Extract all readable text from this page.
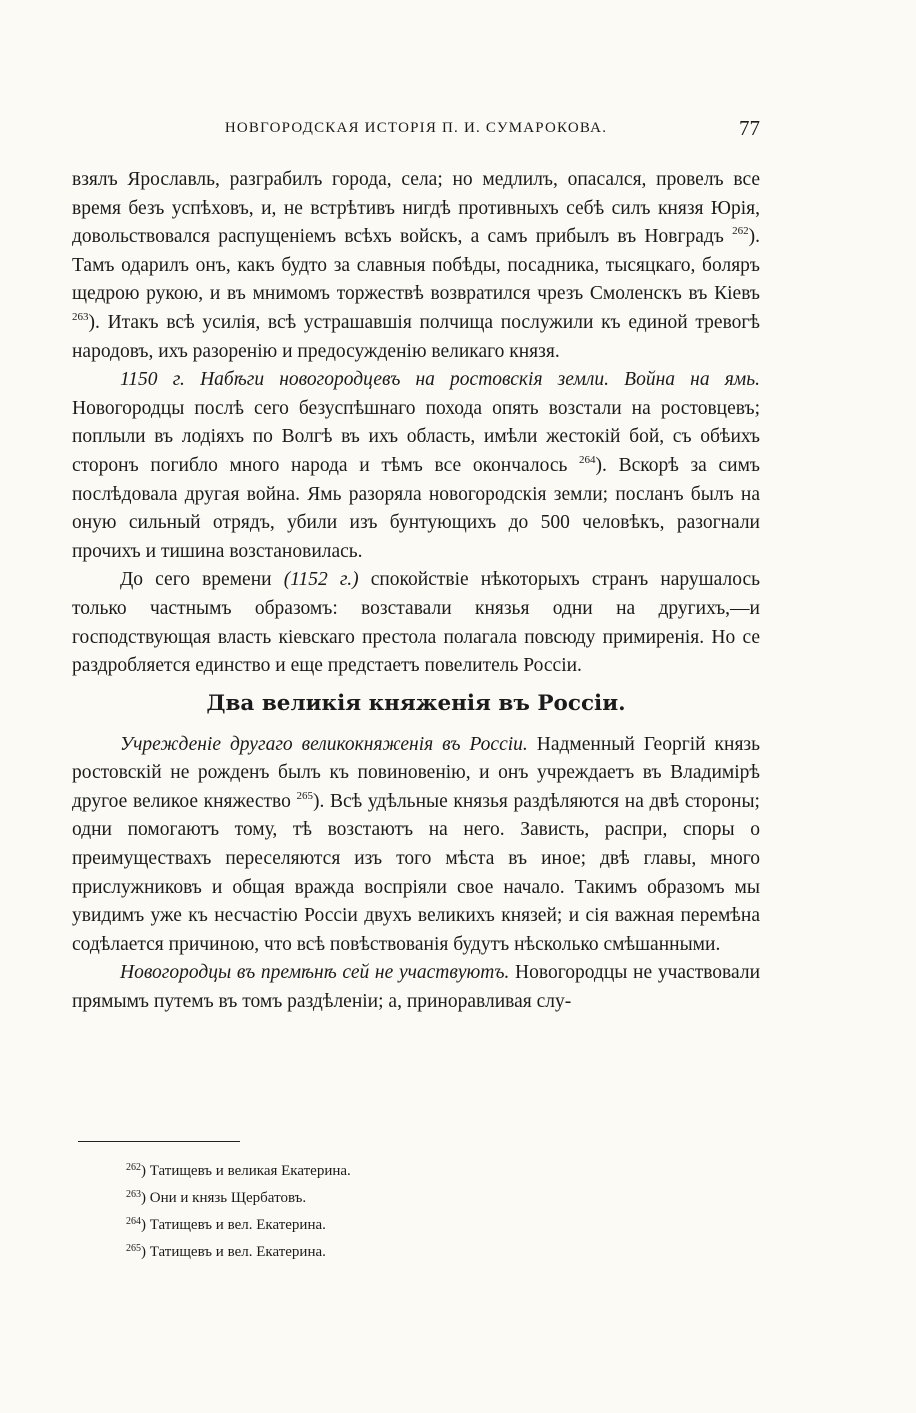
НОВГОРОДСКАЯ ИСТОРІЯ П. И. СУМАРОКОВА.	77

взялъ Ярославль, разграбилъ города, села; но медлилъ, опасался, провелъ все время безъ успѣховъ, и, не встрѣтивъ нигдѣ противныхъ себѣ силъ князя Юрія, довольствовался распущеніемъ всѣхъ войскъ, а самъ прибылъ въ Новградъ $^{262}$). Тамъ одарилъ онъ, какъ будто за славныя побѣды, посадника, тысяцкаго, боляръ щедрою рукою, и въ мнимомъ торжествѣ возвратился чрезъ Смоленскъ въ Кіевъ $^{263}$). Итакъ всѣ усилія, всѣ устрашавшія полчища послужили къ единой тревогѣ народовъ, ихъ разоренію и предосужденію великаго князя.

1150 г. Набѣги новогородцевъ на ростовскія земли. Война на ямь. Новогородцы послѣ сего безуспѣшнаго похода опять возстали на ростовцевъ; поплыли въ лодіяхъ по Волгѣ въ ихъ область, имѣли жестокій бой, съ обѣихъ сторонъ погибло много народа и тѣмъ все окончалось $^{264}$). Вскорѣ за симъ послѣдовала другая война. Ямь разоряла новогородскія земли; посланъ былъ на оную сильный отрядъ, убили изъ бунтующихъ до 500 человѣкъ, разогнали прочихъ и тишина возстановилась.

До сего времени (1152 г.) спокойствіе нѣкоторыхъ странъ нарушалось только частнымъ образомъ: возставали князья одни на другихъ,—и господствующая власть кіевскаго престола полагала повсюду примиренія. Но се раздробляется единство и еще предстаетъ повелитель Россіи.

Два великія княженія въ Россіи.

Учрежденіе другаго великокняженія въ Россіи. Надменный Георгій князь ростовскій не рожденъ былъ къ повиновенію, и онъ учреждаетъ въ Владимірѣ другое великое княжество $^{265}$). Всѣ удѣльные князья раздѣляются на двѣ стороны; одни помогаютъ тому, тѣ возстаютъ на него. Зависть, распри, споры о преимуществахъ переселяются изъ того мѣста въ иное; двѣ главы, много прислужниковъ и общая вражда воспріяли свое начало. Такимъ образомъ мы увидимъ уже къ несчастію Россіи двухъ великихъ князей; и сія важная перемѣна содѣлается причиною, что всѣ повѣствованія будутъ нѣсколько смѣшанными.

Новогородцы въ премѣнѣ сей не участвуютъ. Новогородцы не участвовали прямымъ путемъ въ томъ раздѣленіи; а, приноравливая слу-

$^{262}$) Татищевъ и великая Екатерина.
$^{263}$) Они и князь Щербатовъ.
$^{264}$) Татищевъ и вел. Екатерина.
$^{265}$) Татищевъ и вел. Екатерина.
